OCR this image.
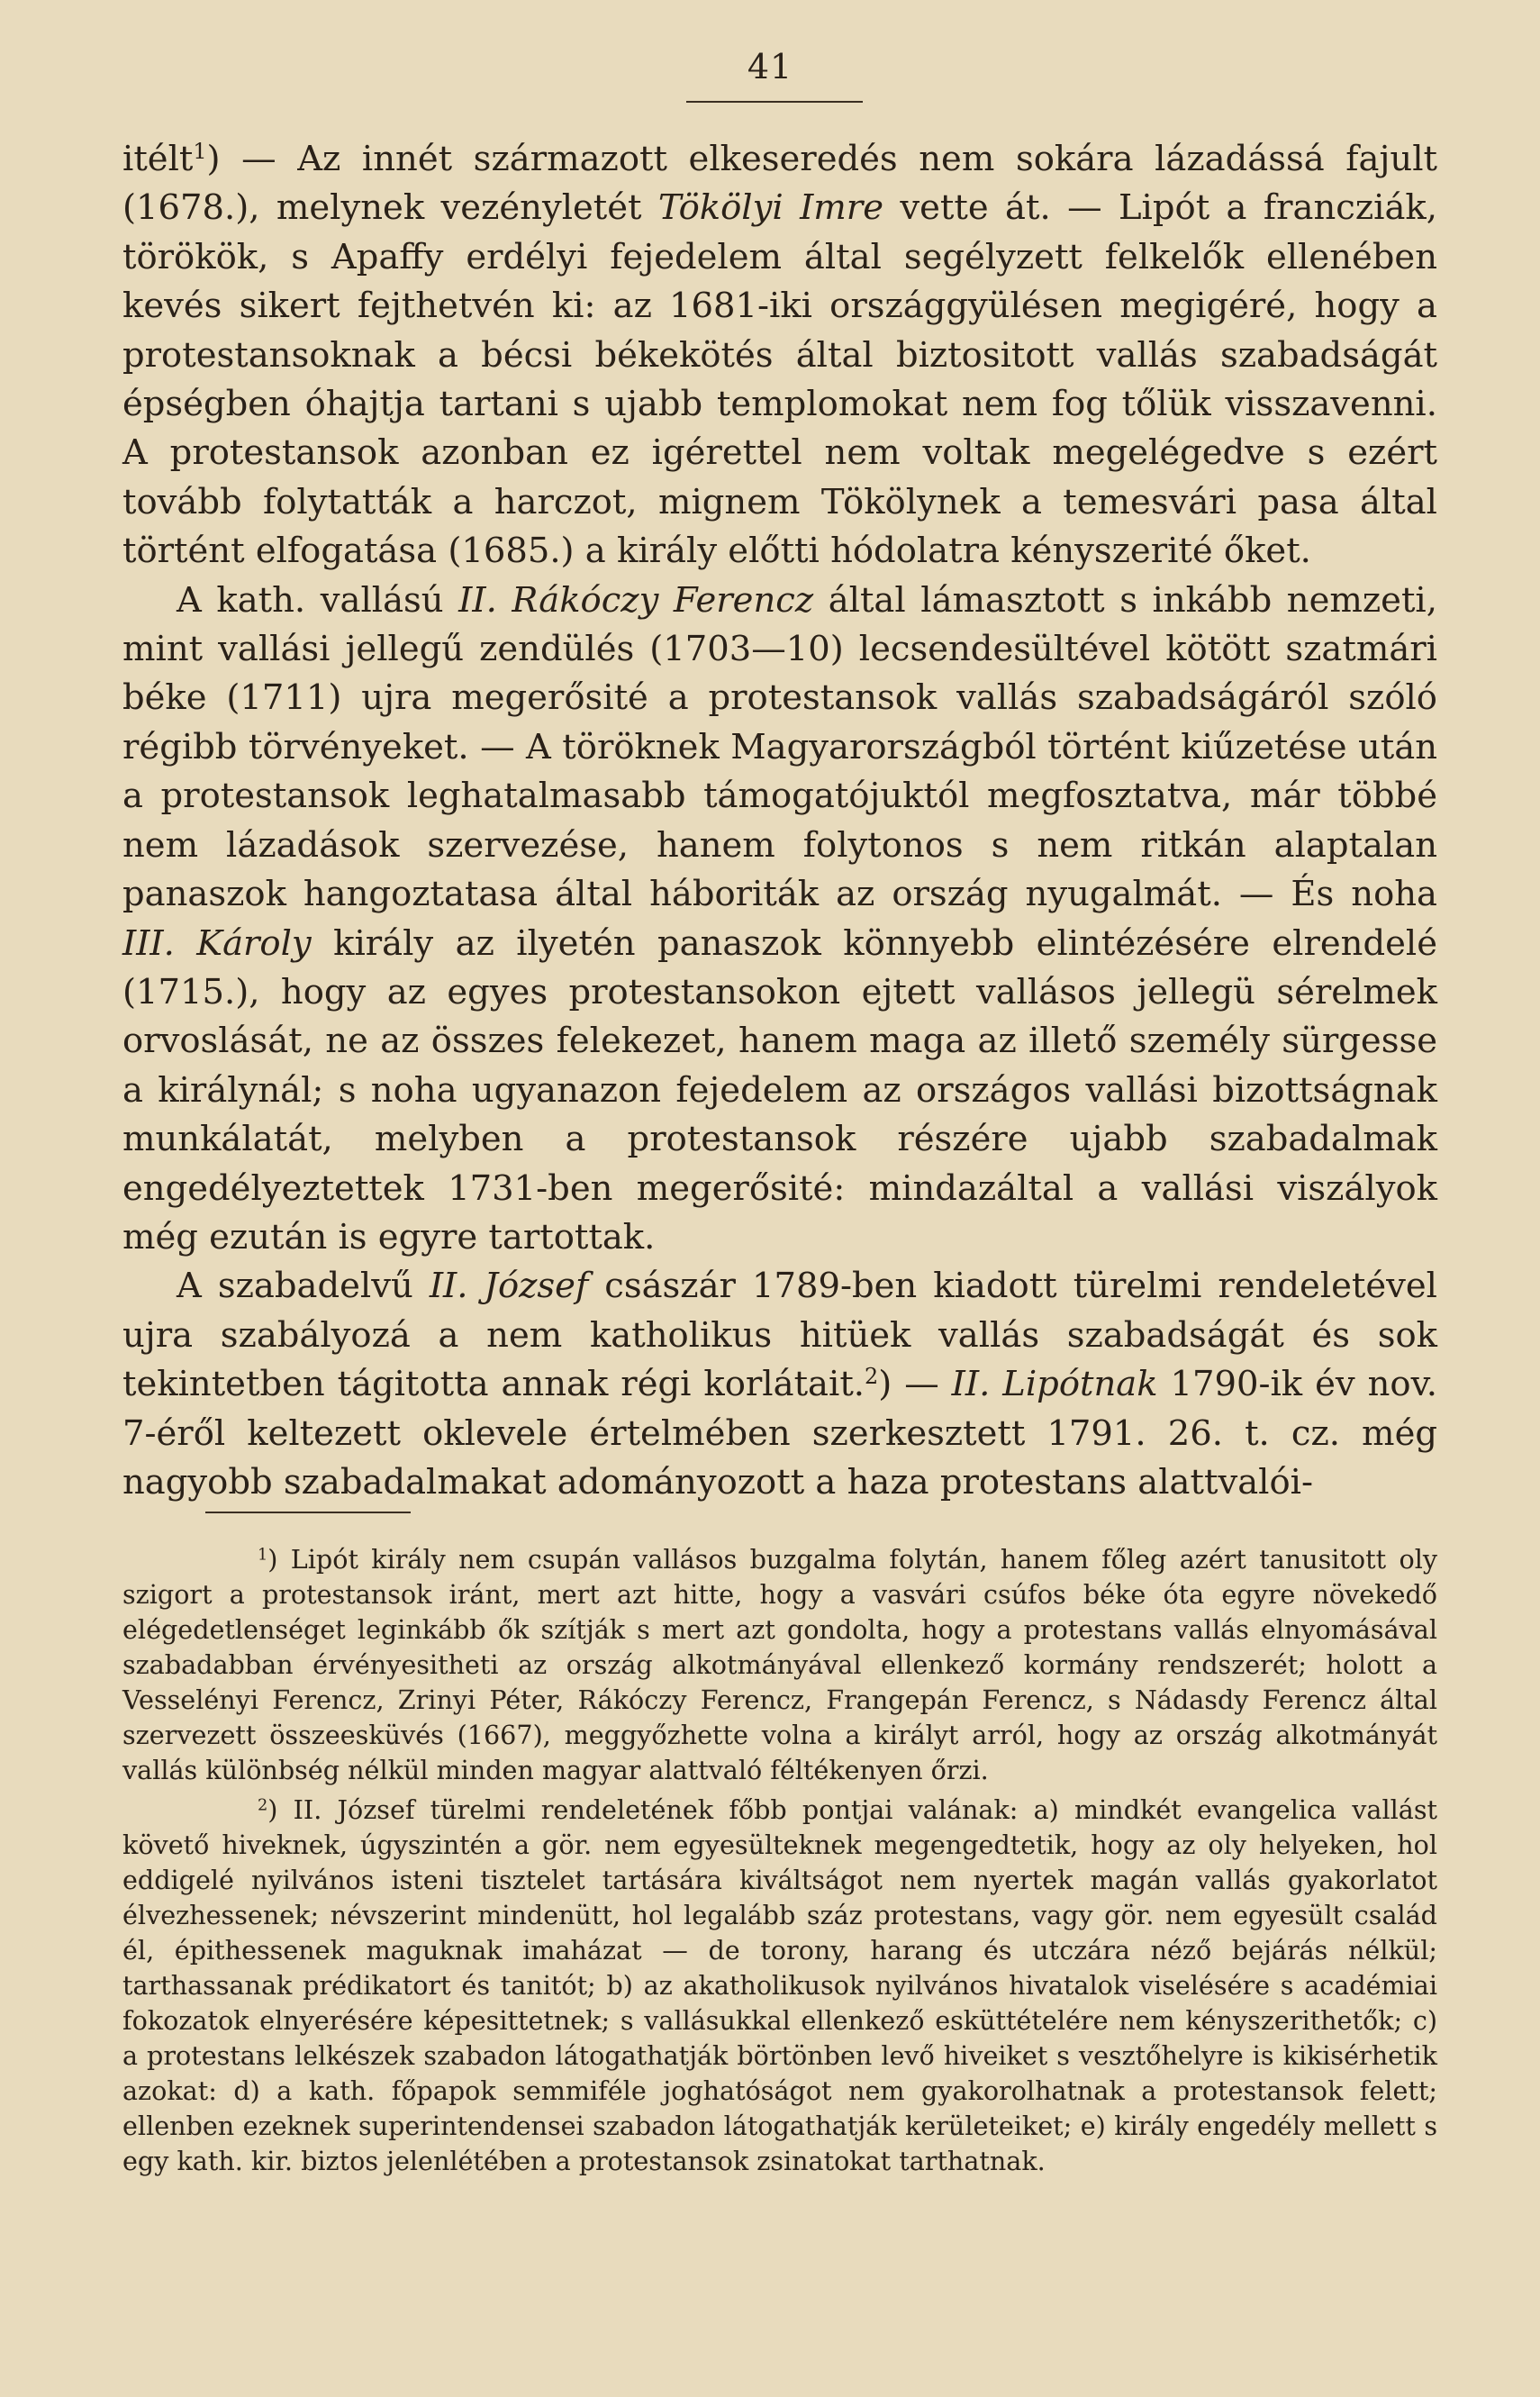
41

itélt$^1$) — Az innét származott elkeseredés nem sokára lázadássá fajult (1678.), melynek vezényletét Tökölyi Imre vette át. — Lipót a francziák, törökök, s Apaffy erdélyi fejedelem által segélyzett felkelők ellenében kevés sikert fejthetvén ki: az 1681-iki országgyülésen megigéré, hogy a protestansoknak a bécsi békekötés által biztositott vallás szabadságát épségben óhajtja tartani s ujabb templomokat nem fog tőlük visszavenni. A protestansok azonban ez igérettel nem voltak megelégedve s ezért tovább folytatták a harczot, mignem Tökölynek a temesvári pasa által történt elfogatása (1685.) a király előtti hódolatra kényszerité őket.

A kath. vallású II. Rákóczy Ferencz által lámasztott s inkább nemzeti, mint vallási jellegű zendülés (1703—10) lecsendesültével kötött szatmári béke (1711) ujra megerősité a protestansok vallás szabadságáról szóló régibb törvényeket. — A töröknek Magyarországból történt kiűzetése után a protestansok leghatalmasabb támogatójuktól megfosztatva, már többé nem lázadások szervezése, hanem folytonos s nem ritkán alaptalan panaszok hangoztatasa által háboriták az ország nyugalmát. — És noha III. Károly király az ilyetén panaszok könnyebb elintézésére elrendelé (1715.), hogy az egyes protestansokon ejtett vallásos jellegü sérelmek orvoslását, ne az összes felekezet, hanem maga az illető személy sürgesse a királynál; s noha ugyanazon fejedelem az országos vallási bizottságnak munkálatát, melyben a protestansok részére ujabb szabadalmak engedélyeztettek 1731-ben megerősité: mindazáltal a vallási viszályok még ezután is egyre tartottak.

A szabadelvű II. József császár 1789-ben kiadott türelmi rendeletével ujra szabályozá a nem katholikus hitüek vallás szabadságát és sok tekintetben tágitotta annak régi korlátait.$^2$) — II. Lipótnak 1790-ik év nov. 7-éről keltezett oklevele értelmében szerkesztett 1791. 26. t. cz. még nagyobb szabadalmakat adományozott a haza protestans alattvalói-

$^1$) Lipót király nem csupán vallásos buzgalma folytán, hanem főleg azért tanusitott oly szigort a protestansok iránt, mert azt hitte, hogy a vasvári csúfos béke óta egyre növekedő elégedetlenséget leginkább ők szítják s mert azt gondolta, hogy a protestans vallás elnyomásával szabadabban érvényesitheti az ország alkotmányával ellenkező kormány rendszerét; holott a Vesselényi Ferencz, Zrinyi Péter, Rákóczy Ferencz, Frangepán Ferencz, s Nádasdy Ferencz által szervezett összeesküvés (1667), meggyőzhette volna a királyt arról, hogy az ország alkotmányát vallás különbség nélkül minden magyar alattvaló féltékenyen őrzi.

$^2$) II. József türelmi rendeletének főbb pontjai valának: a) mindkét evangelica vallást követő hiveknek, úgyszintén a gör. nem egyesülteknek megengedtetik, hogy az oly helyeken, hol eddigelé nyilvános isteni tisztelet tartására kiváltságot nem nyertek magán vallás gyakorlatot élvezhessenek; névszerint mindenütt, hol legalább száz protestans, vagy gör. nem egyesült család él, épithessenek maguknak imaházat — de torony, harang és utczára néző bejárás nélkül; tarthassanak prédikatort és tanitót; b) az akatholikusok nyilvános hivatalok viselésére s académiai fokozatok elnyerésére képesittetnek; s vallásukkal ellenkező esküttételére nem kényszerithetők; c) a protestans lelkészek szabadon látogathatják börtönben levő hiveiket s vesztőhelyre is kikisérhetik azokat: d) a kath. főpapok semmiféle joghatóságot nem gyakorolhatnak a protestansok felett; ellenben ezeknek superintendensei szabadon látogathatják kerületeiket; e) király engedély mellett s egy kath. kir. biztos jelenlétében a protestansok zsinatokat tarthatnak.
